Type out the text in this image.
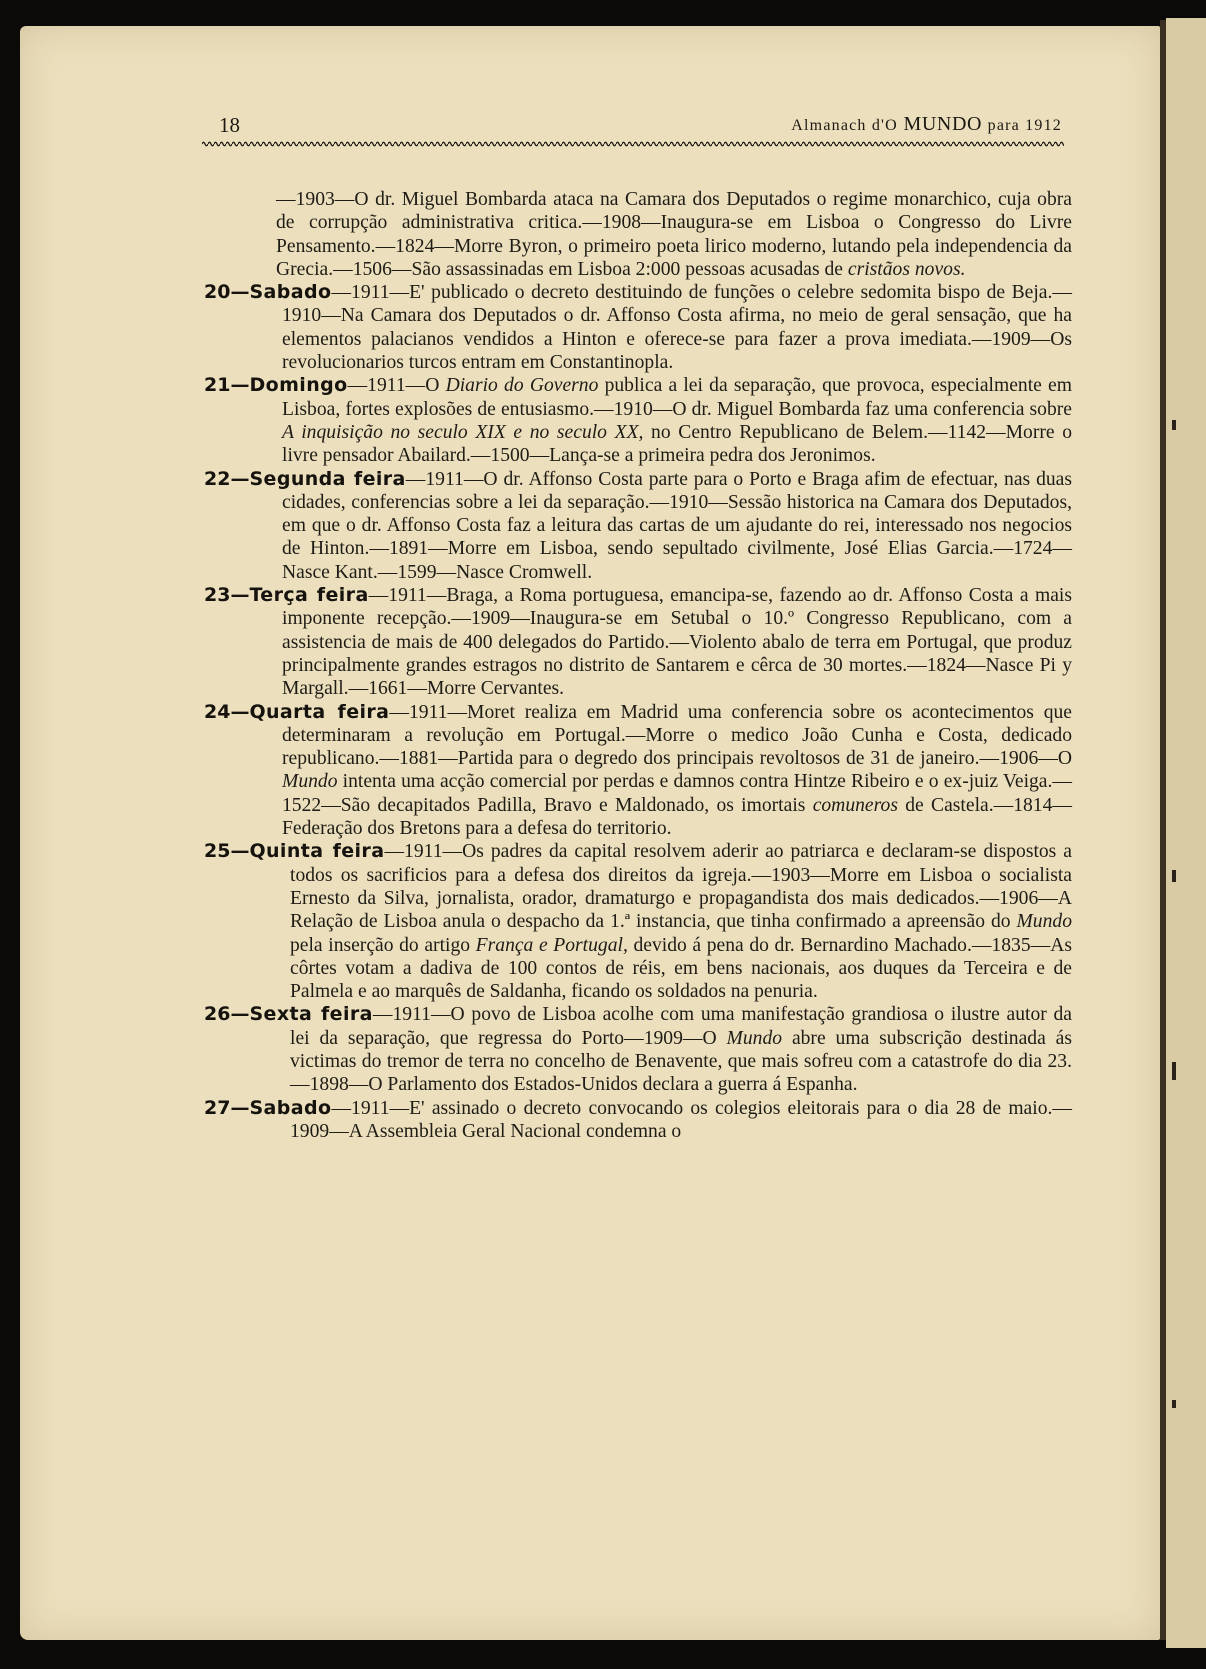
18	Almanach d'O MUNDO para 1912

—1903—O dr. Miguel Bombarda ataca na Camara dos Deputados o regime monarchico, cuja obra de corrupção administrativa critica.—1908—Inaugura-se em Lisboa o Congresso do Livre Pensamento.—1824—Morre Byron, o primeiro poeta lirico moderno, lutando pela independencia da Grecia.—1506—São assassinadas em Lisboa 2:000 pessoas acusadas de cristãos novos.

20—Sabado—1911—E' publicado o decreto destituindo de funções o celebre sedomita bispo de Beja.—1910—Na Camara dos Deputados o dr. Affonso Costa afirma, no meio de geral sensação, que ha elementos palacianos vendidos a Hinton e oferece-se para fazer a prova imediata.—1909—Os revolucionarios turcos entram em Constantinopla.

21—Domingo—1911—O Diario do Governo publica a lei da separação, que provoca, especialmente em Lisboa, fortes explosões de entusiasmo.—1910—O dr. Miguel Bombarda faz uma conferencia sobre A inquisição no seculo XIX e no seculo XX, no Centro Republicano de Belem.—1142—Morre o livre pensador Abailard.—1500—Lança-se a primeira pedra dos Jeronimos.

22—Segunda feira—1911—O dr. Affonso Costa parte para o Porto e Braga afim de efectuar, nas duas cidades, conferencias sobre a lei da separação.—1910—Sessão historica na Camara dos Deputados, em que o dr. Affonso Costa faz a leitura das cartas de um ajudante do rei, interessado nos negocios de Hinton.—1891—Morre em Lisboa, sendo sepultado civilmente, José Elias Garcia.—1724—Nasce Kant.—1599—Nasce Cromwell.

23—Terça feira—1911—Braga, a Roma portuguesa, emancipa-se, fazendo ao dr. Affonso Costa a mais imponente recepção.—1909—Inaugura-se em Setubal o 10.º Congresso Republicano, com a assistencia de mais de 400 delegados do Partido.—Violento abalo de terra em Portugal, que produz principalmente grandes estragos no distrito de Santarem e cêrca de 30 mortes.—1824—Nasce Pi y Margall.—1661—Morre Cervantes.

24—Quarta feira—1911—Moret realiza em Madrid uma conferencia sobre os acontecimentos que determinaram a revolução em Portugal.—Morre o medico João Cunha e Costa, dedicado republicano.—1881—Partida para o degredo dos principais revoltosos de 31 de janeiro.—1906—O Mundo intenta uma acção comercial por perdas e damnos contra Hintze Ribeiro e o ex-juiz Veiga.—1522—São decapitados Padilla, Bravo e Maldonado, os imortais comuneros de Castela.—1814—Federação dos Bretons para a defesa do territorio.

25—Quinta feira—1911—Os padres da capital resolvem aderir ao patriarca e declaram-se dispostos a todos os sacrificios para a defesa dos direitos da igreja.—1903—Morre em Lisboa o socialista Ernesto da Silva, jornalista, orador, dramaturgo e propagandista dos mais dedicados.—1906—A Relação de Lisboa anula o despacho da 1.ª instancia, que tinha confirmado a apreensão do Mundo pela inserção do artigo França e Portugal, devido á pena do dr. Bernardino Machado.—1835—As côrtes votam a dadiva de 100 contos de réis, em bens nacionais, aos duques da Terceira e de Palmela e ao marquês de Saldanha, ficando os soldados na penuria.

26—Sexta feira—1911—O povo de Lisboa acolhe com uma manifestação grandiosa o ilustre autor da lei da separação, que regressa do Porto—1909—O Mundo abre uma subscrição destinada ás victimas do tremor de terra no concelho de Benavente, que mais sofreu com a catastrofe do dia 23.—1898—O Parlamento dos Estados-Unidos declara a guerra á Espanha.

27—Sabado—1911—E' assinado o decreto convocando os colegios eleitorais para o dia 28 de maio.—1909—A Assembleia Geral Nacional condemna o
